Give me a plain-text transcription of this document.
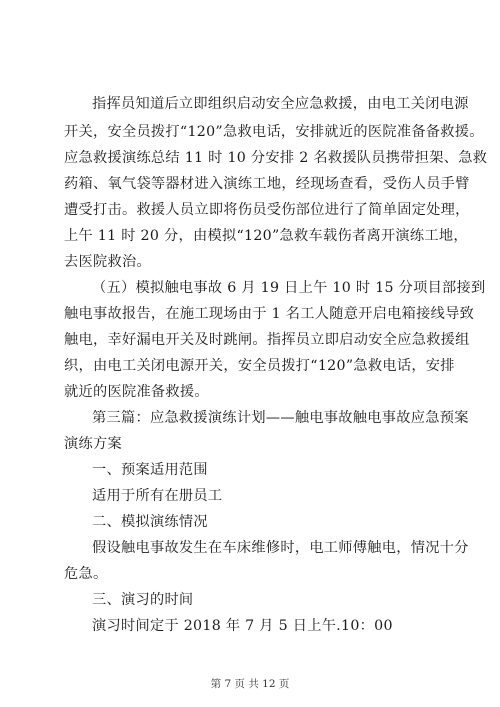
指挥员知道后立即组织启动安全应急救援，由电工关闭电源
开关，安全员拨打“120”急救电话，安排就近的医院准备备救援。
应急救援演练总结 11 时 10 分安排 2 名救援队员携带担架、急救
药箱、氧气袋等器材进入演练工地，经现场查看，受伤人员手臂
遭受打击。救援人员立即将伤员受伤部位进行了简单固定处理，
上午 11 时 20 分，由模拟“120”急救车载伤者离开演练工地，
去医院救治。
（五）模拟触电事故 6 月 19 日上午 10 时 15 分项目部接到
触电事故报告，在施工现场由于 1 名工人随意开启电箱接线导致
触电，幸好漏电开关及时跳闸。指挥员立即启动安全应急救援组
织，由电工关闭电源开关，安全员拨打“120”急救电话，安排
就近的医院准备救援。
第三篇：应急救援演练计划——触电事故触电事故应急预案
演练方案
一、预案适用范围
适用于所有在册员工
二、模拟演练情况
假设触电事故发生在车床维修时，电工师傅触电，情况十分
危急。
三、演习的时间
演习时间定于 2018 年 7 月 5 日上午.10：00
第 7 页 共 12 页
